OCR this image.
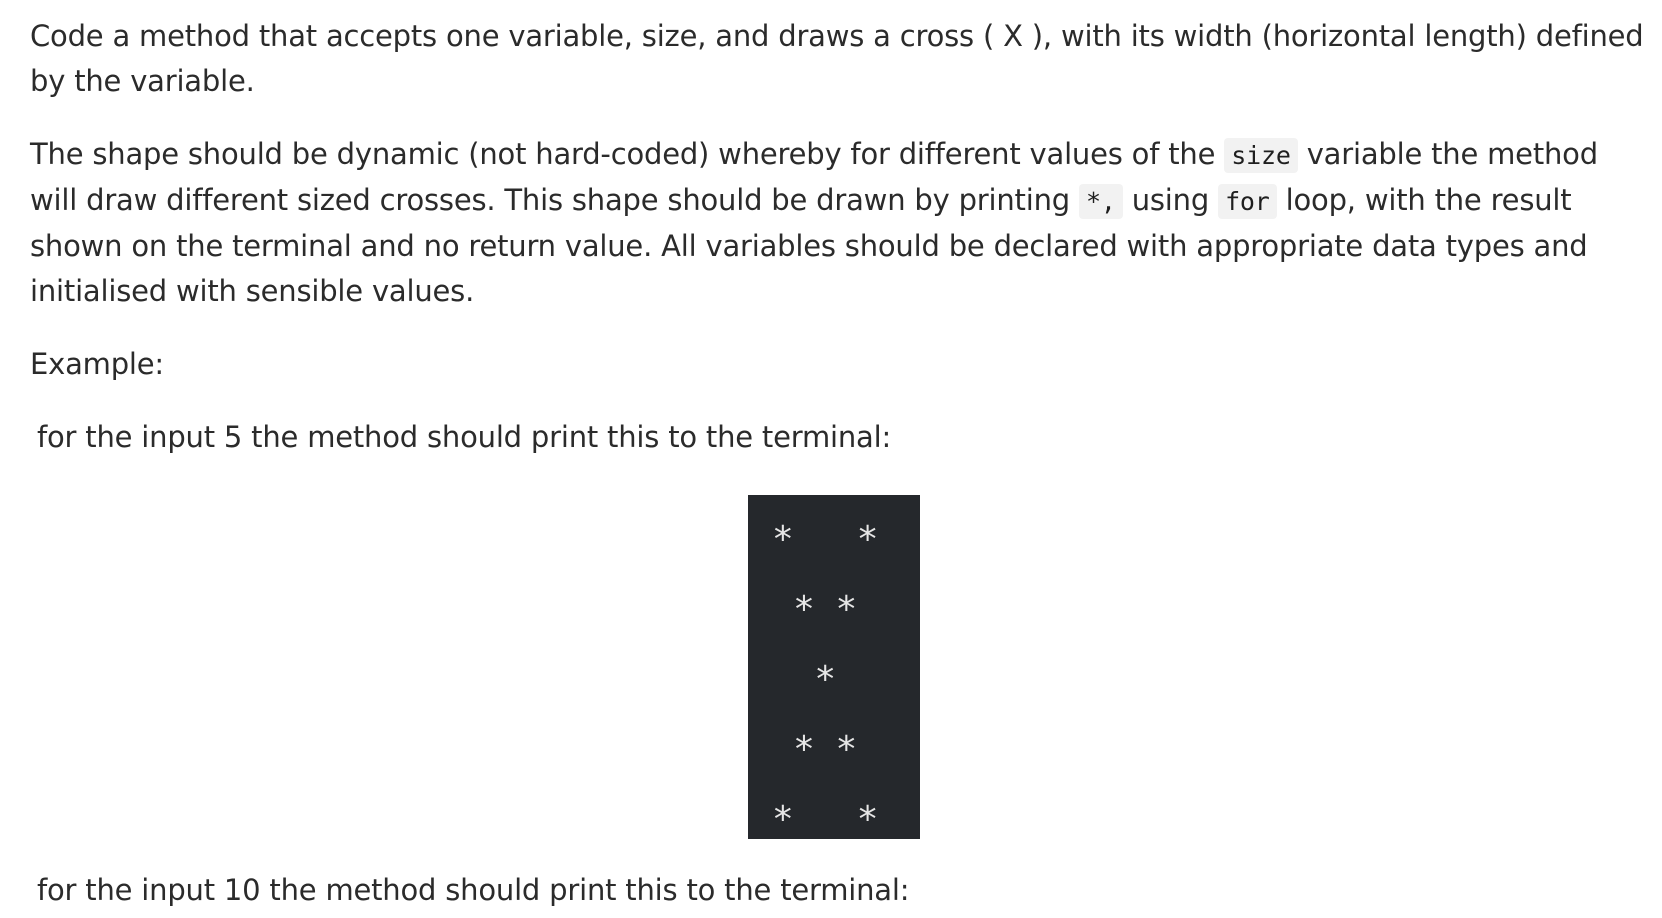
Code a method that accepts one variable, size, and draws a cross ( X ), with its width (horizontal length) defined by the variable.

The shape should be dynamic (not hard-coded) whereby for different values of the size variable the method will draw different sized crosses. This shape should be drawn by printing *, using for loop, with the result shown on the terminal and no return value. All variables should be declared with appropriate data types and initialised with sensible values.

Example:

for the input 5 the method should print this to the terminal:

*   *
* *
*
* *
*   *

for the input 10 the method should print this to the terminal:
